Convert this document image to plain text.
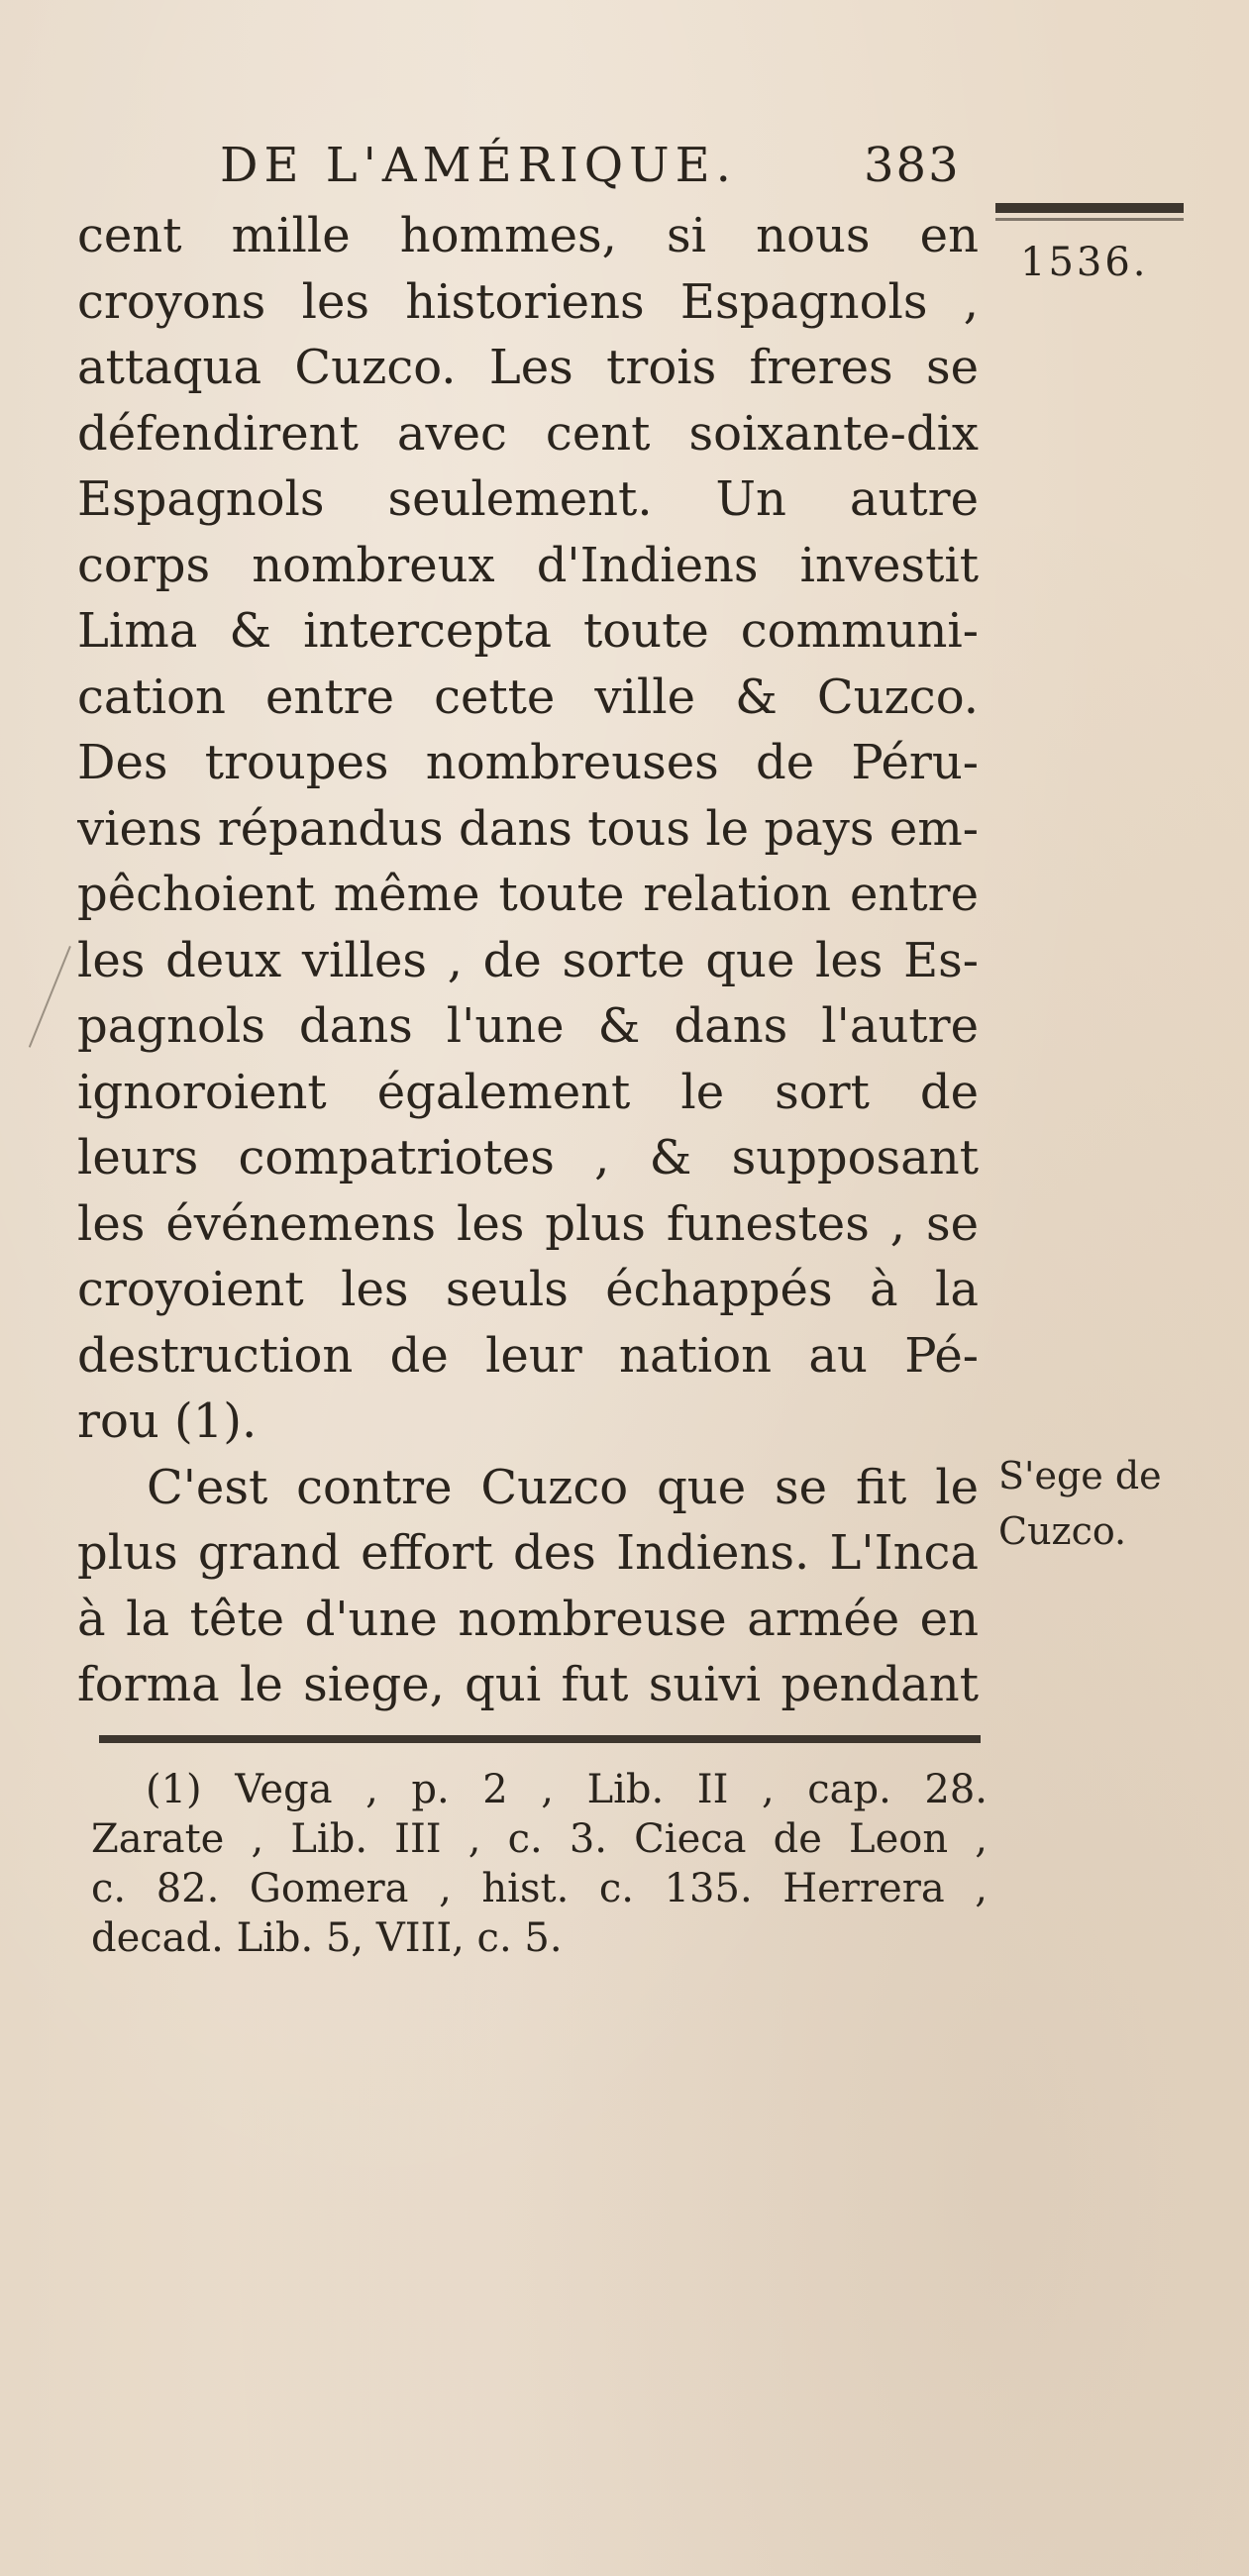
DE L'AMÉRIQUE.	383
1536.
cent mille hommes, si nous en
croyons les historiens Espagnols ,
attaqua Cuzco. Les trois freres se
défendirent avec cent soixante-dix
Espagnols seulement. Un autre
corps nombreux d'Indiens investit
Lima & intercepta toute communi-
cation entre cette ville & Cuzco.
Des troupes nombreuses de Péru-
viens répandus dans tous le pays em-
pêchoient même toute relation entre
les deux villes , de sorte que les Es-
pagnols dans l'une & dans l'autre
ignoroient également le sort de
leurs compatriotes , & supposant
les événemens les plus funestes , se
croyoient les seuls échappés à la
destruction de leur nation au Pé-
rou (1).
C'est contre Cuzco que se fit le
plus grand effort des Indiens. L'Inca
à la tête d'une nombreuse armée en
forma le siege, qui fut suivi pendant
S'ege de
Cuzco.
(1) Vega , p. 2 , Lib. II , cap. 28.
Zarate , Lib. III , c. 3. Cieca de Leon ,
c. 82. Gomera , hist. c. 135. Herrera ,
decad. Lib. 5, VIII, c. 5.
